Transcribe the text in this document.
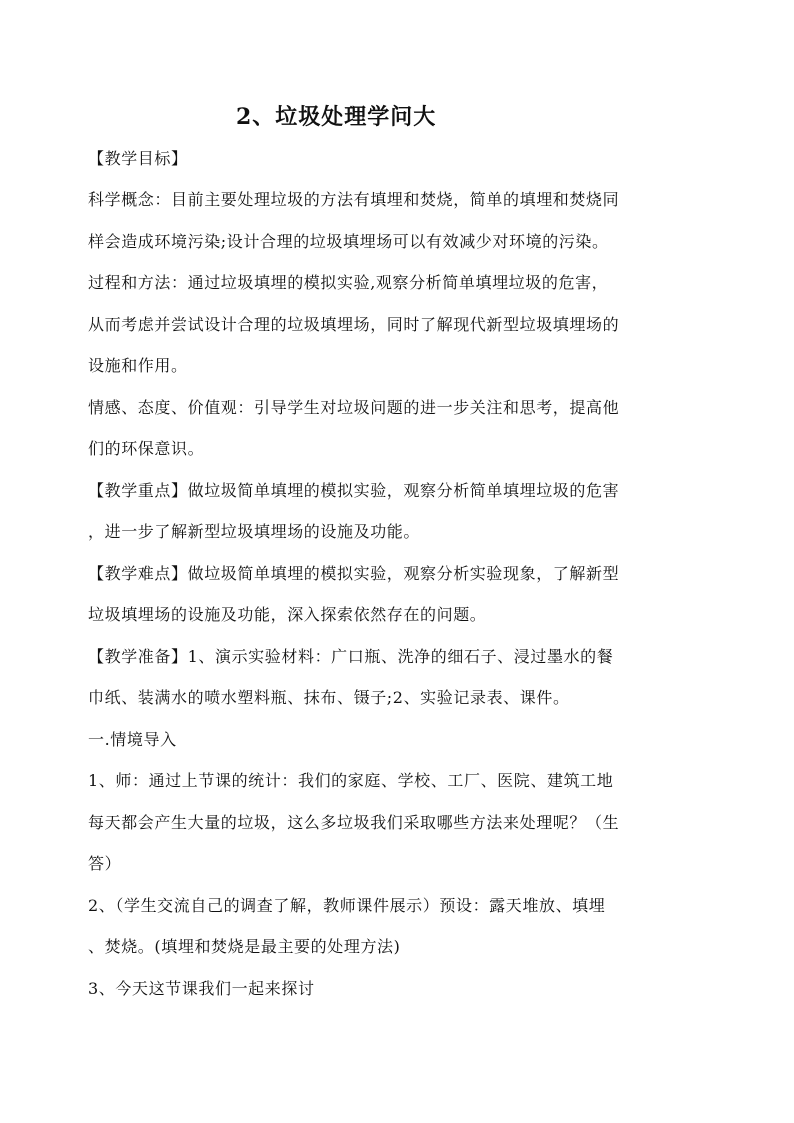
2、垃圾处理学问大
【教学目标】
科学概念：目前主要处理垃圾的方法有填埋和焚烧，简单的填埋和焚烧同
样会造成环境污染;设计合理的垃圾填埋场可以有效减少对环境的污染。
过程和方法：通过垃圾填埋的模拟实验,观察分析简单填埋垃圾的危害，
从而考虑并尝试设计合理的垃圾填埋场，同时了解现代新型垃圾填埋场的
设施和作用。
情感、态度、价值观：引导学生对垃圾问题的进一步关注和思考，提高他
们的环保意识。
【教学重点】做垃圾简单填埋的模拟实验，观察分析简单填埋垃圾的危害
，进一步了解新型垃圾填埋场的设施及功能。
【教学难点】做垃圾简单填埋的模拟实验，观察分析实验现象，了解新型
垃圾填埋场的设施及功能，深入探索依然存在的问题。
【教学准备】1、演示实验材料：广口瓶、洗净的细石子、浸过墨水的餐
巾纸、装满水的喷水塑料瓶、抹布、镊子;2、实验记录表、课件。
一.情境导入
1、师：通过上节课的统计：我们的家庭、学校、工厂、医院、建筑工地
每天都会产生大量的垃圾，这么多垃圾我们采取哪些方法来处理呢？（生
答）
2、（学生交流自己的调查了解，教师课件展示）预设：露天堆放、填埋
、焚烧。(填埋和焚烧是最主要的处理方法)
3、今天这节课我们一起来探讨
